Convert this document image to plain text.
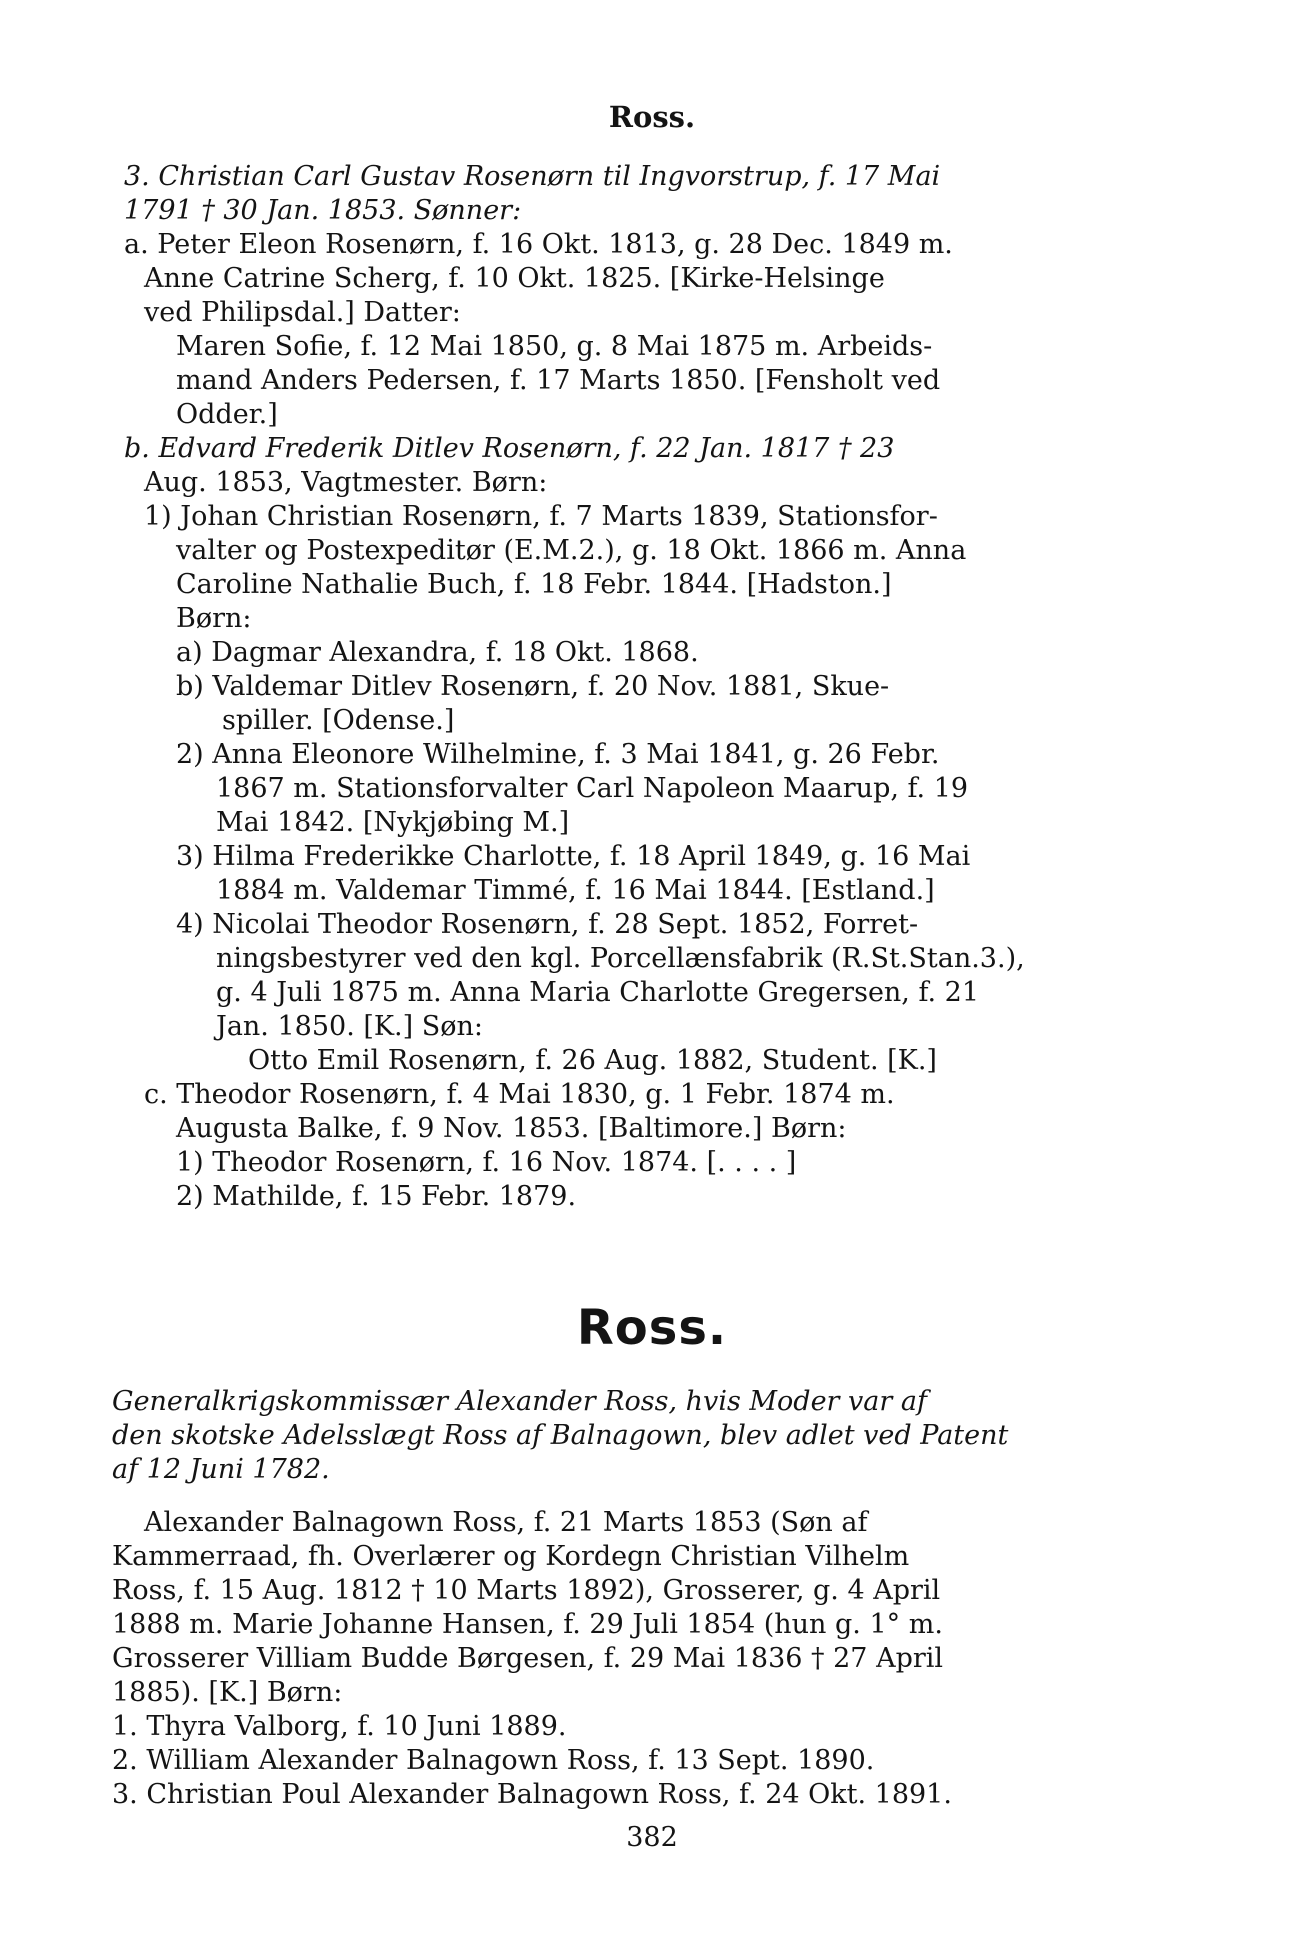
Ross.
3. Christian Carl Gustav Rosenørn til Ingvorstrup, f. 17 Mai
1791 † 30 Jan. 1853. Sønner:
a. Peter Eleon Rosenørn, f. 16 Okt. 1813, g. 28 Dec. 1849 m.
Anne Catrine Scherg, f. 10 Okt. 1825. [Kirke-Helsinge
ved Philipsdal.] Datter:
Maren Sofie, f. 12 Mai 1850, g. 8 Mai 1875 m. Arbeids-
mand Anders Pedersen, f. 17 Marts 1850. [Fensholt ved
Odder.]
b. Edvard Frederik Ditlev Rosenørn, f. 22 Jan. 1817 † 23
Aug. 1853, Vagtmester. Børn:
1) Johan Christian Rosenørn, f. 7 Marts 1839, Stationsfor-
valter og Postexpeditør (E.M.2.), g. 18 Okt. 1866 m. Anna
Caroline Nathalie Buch, f. 18 Febr. 1844. [Hadston.]
Børn:
a) Dagmar Alexandra, f. 18 Okt. 1868.
b) Valdemar Ditlev Rosenørn, f. 20 Nov. 1881, Skue-
spiller. [Odense.]
2) Anna Eleonore Wilhelmine, f. 3 Mai 1841, g. 26 Febr.
1867 m. Stationsforvalter Carl Napoleon Maarup, f. 19
Mai 1842. [Nykjøbing M.]
3) Hilma Frederikke Charlotte, f. 18 April 1849, g. 16 Mai
1884 m. Valdemar Timmé, f. 16 Mai 1844. [Estland.]
4) Nicolai Theodor Rosenørn, f. 28 Sept. 1852, Forret-
ningsbestyrer ved den kgl. Porcellænsfabrik (R.St.Stan.3.),
g. 4 Juli 1875 m. Anna Maria Charlotte Gregersen, f. 21
Jan. 1850. [K.] Søn:
Otto Emil Rosenørn, f. 26 Aug. 1882, Student. [K.]
c. Theodor Rosenørn, f. 4 Mai 1830, g. 1 Febr. 1874 m.
Augusta Balke, f. 9 Nov. 1853. [Baltimore.] Børn:
1) Theodor Rosenørn, f. 16 Nov. 1874. [. . . . ]
2) Mathilde, f. 15 Febr. 1879.
Ross.
Generalkrigskommissær Alexander Ross, hvis Moder var af
den skotske Adelsslægt Ross af Balnagown, blev adlet ved Patent
af 12 Juni 1782.
Alexander Balnagown Ross, f. 21 Marts 1853 (Søn af
Kammerraad, fh. Overlærer og Kordegn Christian Vilhelm
Ross, f. 15 Aug. 1812 † 10 Marts 1892), Grosserer, g. 4 April
1888 m. Marie Johanne Hansen, f. 29 Juli 1854 (hun g. 1° m.
Grosserer Villiam Budde Børgesen, f. 29 Mai 1836 † 27 April
1885). [K.] Børn:
1. Thyra Valborg, f. 10 Juni 1889.
2. William Alexander Balnagown Ross, f. 13 Sept. 1890.
3. Christian Poul Alexander Balnagown Ross, f. 24 Okt. 1891.
382
